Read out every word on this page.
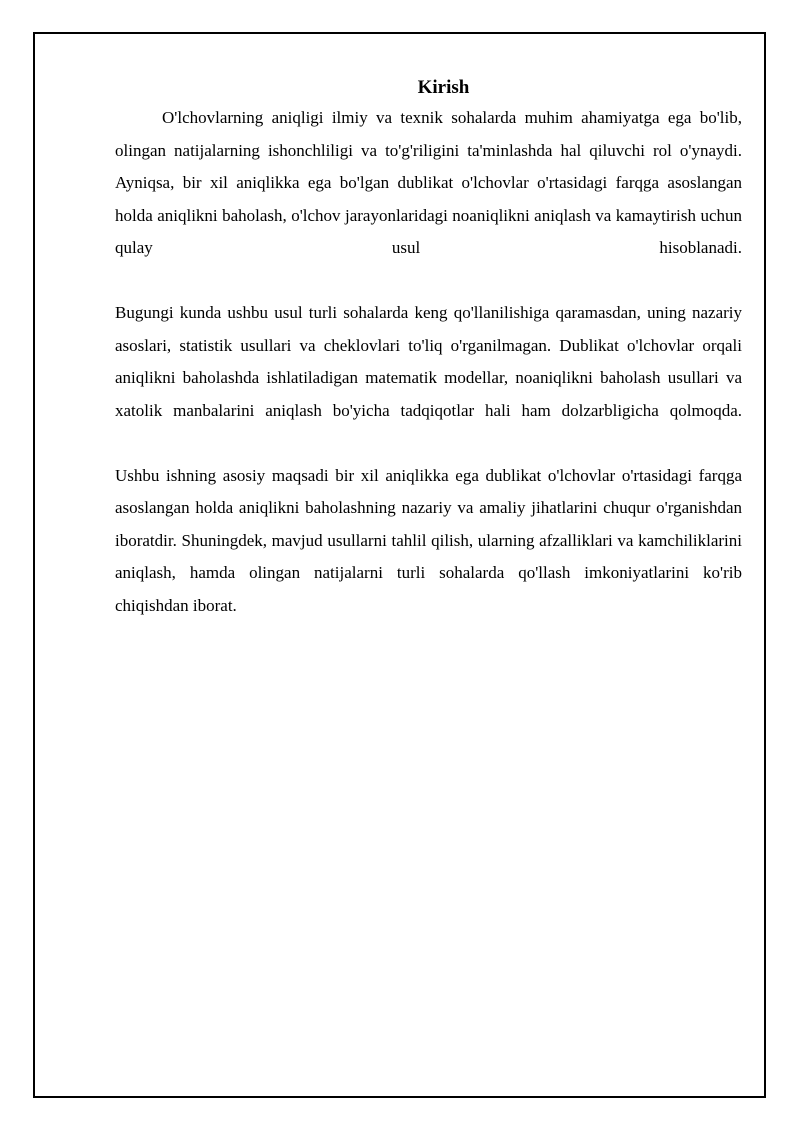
Kirish

O'lchovlarning aniqligi ilmiy va texnik sohalarda muhim ahamiyatga ega bo'lib, olingan natijalarning ishonchliligi va to'g'riligini ta'minlashda hal qiluvchi rol o'ynaydi. Ayniqsa, bir xil aniqlikka ega bo'lgan dublikat o'lchovlar o'rtasidagi farqga asoslangan holda aniqlikni baholash, o'lchov jarayonlaridagi noaniqlikni aniqlash va kamaytirish uchun qulay usul hisoblanadi.

Bugungi kunda ushbu usul turli sohalarda keng qo'llanilishiga qaramasdan, uning nazariy asoslari, statistik usullari va cheklovlari to'liq o'rganilmagan. Dublikat o'lchovlar orqali aniqlikni baholashda ishlatiladigan matematik modellar, noaniqlikni baholash usullari va xatolik manbalarini aniqlash bo'yicha tadqiqotlar hali ham dolzarbligicha qolmoqda.

Ushbu ishning asosiy maqsadi bir xil aniqlikka ega dublikat o'lchovlar o'rtasidagi farqga asoslangan holda aniqlikni baholashning nazariy va amaliy jihatlarini chuqur o'rganishdan iboratdir. Shuningdek, mavjud usullarni tahlil qilish, ularning afzalliklari va kamchiliklarini aniqlash, hamda olingan natijalarni turli sohalarda qo'llash imkoniyatlarini ko'rib chiqishdan iborat.
